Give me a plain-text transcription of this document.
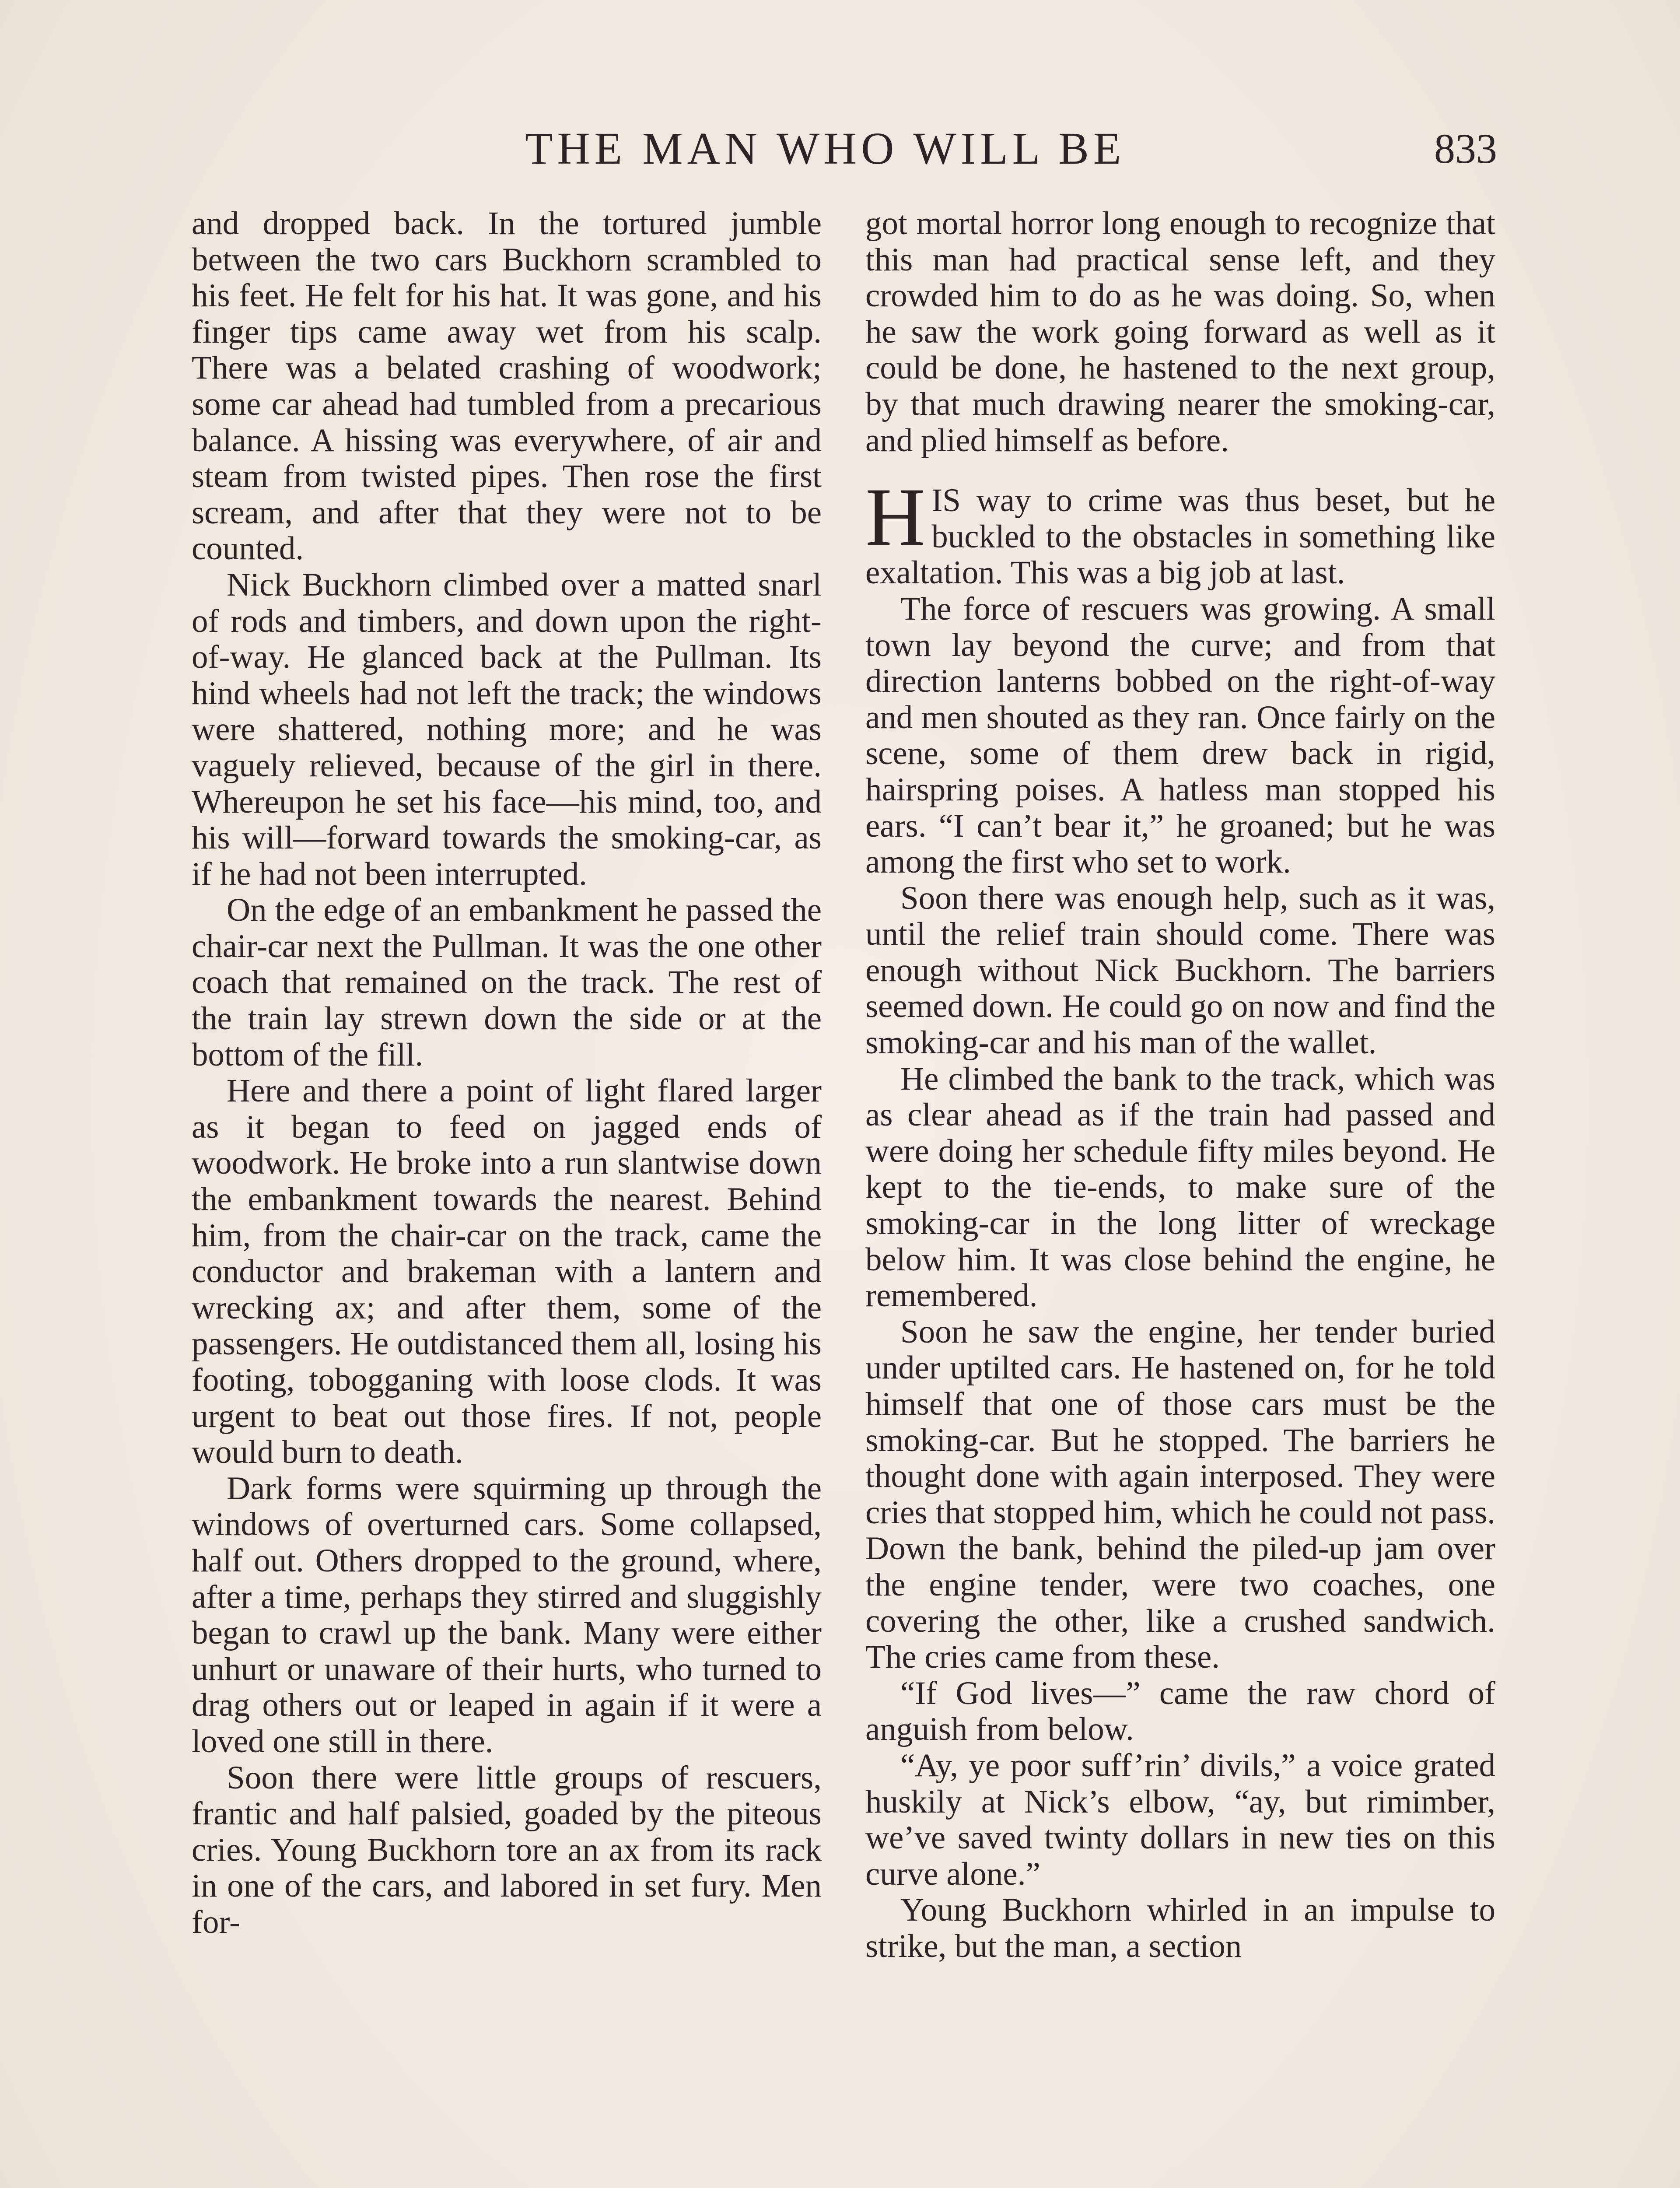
THE MAN WHO WILL BE	833

and dropped back. In the tortured jumble between the two cars Buckhorn scrambled to his feet. He felt for his hat. It was gone, and his finger tips came away wet from his scalp. There was a belated crashing of woodwork; some car ahead had tumbled from a precarious balance. A hissing was everywhere, of air and steam from twisted pipes. Then rose the first scream, and after that they were not to be counted.

Nick Buckhorn climbed over a matted snarl of rods and timbers, and down upon the right-of-way. He glanced back at the Pullman. Its hind wheels had not left the track; the windows were shattered, nothing more; and he was vaguely relieved, because of the girl in there. Whereupon he set his face—his mind, too, and his will—forward towards the smoking-car, as if he had not been interrupted.

On the edge of an embankment he passed the chair-car next the Pullman. It was the one other coach that remained on the track. The rest of the train lay strewn down the side or at the bottom of the fill.

Here and there a point of light flared larger as it began to feed on jagged ends of woodwork. He broke into a run slantwise down the embankment towards the nearest. Behind him, from the chair-car on the track, came the conductor and brakeman with a lantern and wrecking ax; and after them, some of the passengers. He outdistanced them all, losing his footing, tobogganing with loose clods. It was urgent to beat out those fires. If not, people would burn to death.

Dark forms were squirming up through the windows of overturned cars. Some collapsed, half out. Others dropped to the ground, where, after a time, perhaps they stirred and sluggishly began to crawl up the bank. Many were either unhurt or unaware of their hurts, who turned to drag others out or leaped in again if it were a loved one still in there.

Soon there were little groups of rescuers, frantic and half palsied, goaded by the piteous cries. Young Buckhorn tore an ax from its rack in one of the cars, and labored in set fury. Men for-

got mortal horror long enough to recognize that this man had practical sense left, and they crowded him to do as he was doing. So, when he saw the work going forward as well as it could be done, he hastened to the next group, by that much drawing nearer the smoking-car, and plied himself as before.

HIS way to crime was thus beset, but he buckled to the obstacles in something like exaltation. This was a big job at last.

The force of rescuers was growing. A small town lay beyond the curve; and from that direction lanterns bobbed on the right-of-way and men shouted as they ran. Once fairly on the scene, some of them drew back in rigid, hairspring poises. A hatless man stopped his ears. “I can’t bear it,” he groaned; but he was among the first who set to work.

Soon there was enough help, such as it was, until the relief train should come. There was enough without Nick Buckhorn. The barriers seemed down. He could go on now and find the smoking-car and his man of the wallet.

He climbed the bank to the track, which was as clear ahead as if the train had passed and were doing her schedule fifty miles beyond. He kept to the tie-ends, to make sure of the smoking-car in the long litter of wreckage below him. It was close behind the engine, he remembered.

Soon he saw the engine, her tender buried under uptilted cars. He hastened on, for he told himself that one of those cars must be the smoking-car. But he stopped. The barriers he thought done with again interposed. They were cries that stopped him, which he could not pass. Down the bank, behind the piled-up jam over the engine tender, were two coaches, one covering the other, like a crushed sandwich. The cries came from these.

“If God lives—” came the raw chord of anguish from below.

“Ay, ye poor suff’rin’ divils,” a voice grated huskily at Nick’s elbow, “ay, but rimimber, we’ve saved twinty dollars in new ties on this curve alone.”

Young Buckhorn whirled in an impulse to strike, but the man, a section
